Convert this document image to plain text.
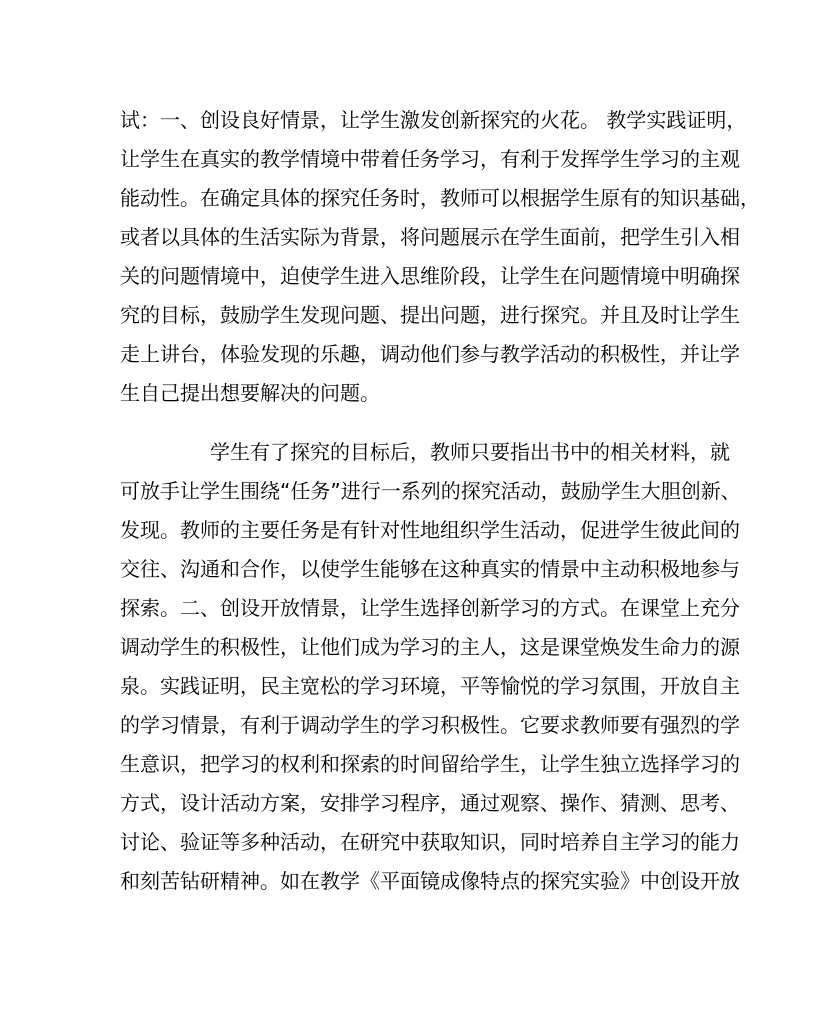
试：一、创设良好情景，让学生激发创新探究的火花。 教学实践证明，
让学生在真实的教学情境中带着任务学习，有利于发挥学生学习的主观
能动性。在确定具体的探究任务时，教师可以根据学生原有的知识基础，
或者以具体的生活实际为背景，将问题展示在学生面前，把学生引入相
关的问题情境中，迫使学生进入思维阶段，让学生在问题情境中明确探
究的目标，鼓励学生发现问题、提出问题，进行探究。并且及时让学生
走上讲台，体验发现的乐趣，调动他们参与教学活动的积极性，并让学
生自己提出想要解决的问题。
学生有了探究的目标后，教师只要指出书中的相关材料，就
可放手让学生围绕“任务”进行一系列的探究活动，鼓励学生大胆创新、
发现。教师的主要任务是有针对性地组织学生活动，促进学生彼此间的
交往、沟通和合作，以使学生能够在这种真实的情景中主动积极地参与
探索。二、创设开放情景，让学生选择创新学习的方式。在课堂上充分
调动学生的积极性，让他们成为学习的主人，这是课堂焕发生命力的源
泉。实践证明，民主宽松的学习环境，平等愉悦的学习氛围，开放自主
的学习情景，有利于调动学生的学习积极性。它要求教师要有强烈的学
生意识，把学习的权利和探索的时间留给学生，让学生独立选择学习的
方式，设计活动方案，安排学习程序，通过观察、操作、猜测、思考、
讨论、验证等多种活动，在研究中获取知识，同时培养自主学习的能力
和刻苦钻研精神。如在教学《平面镜成像特点的探究实验》中创设开放
